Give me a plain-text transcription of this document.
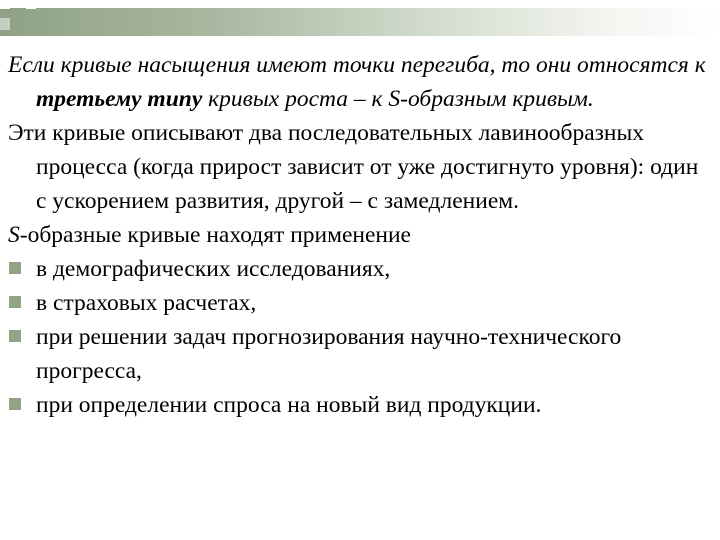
Если кривые насыщения имеют точки перегиба, то они относятся к третьему типу кривых роста – к S-образным кривым.

Эти кривые описывают два последовательных лавинообразных процесса (когда прирост зависит от уже достигнуто уровня): один с ускорением развития, другой – с замедлением.

S-образные кривые находят применение

в демографических исследованиях,

в страховых расчетах,

при решении задач прогнозирования научно-технического прогресса,

при определении спроса на новый вид продукции.
